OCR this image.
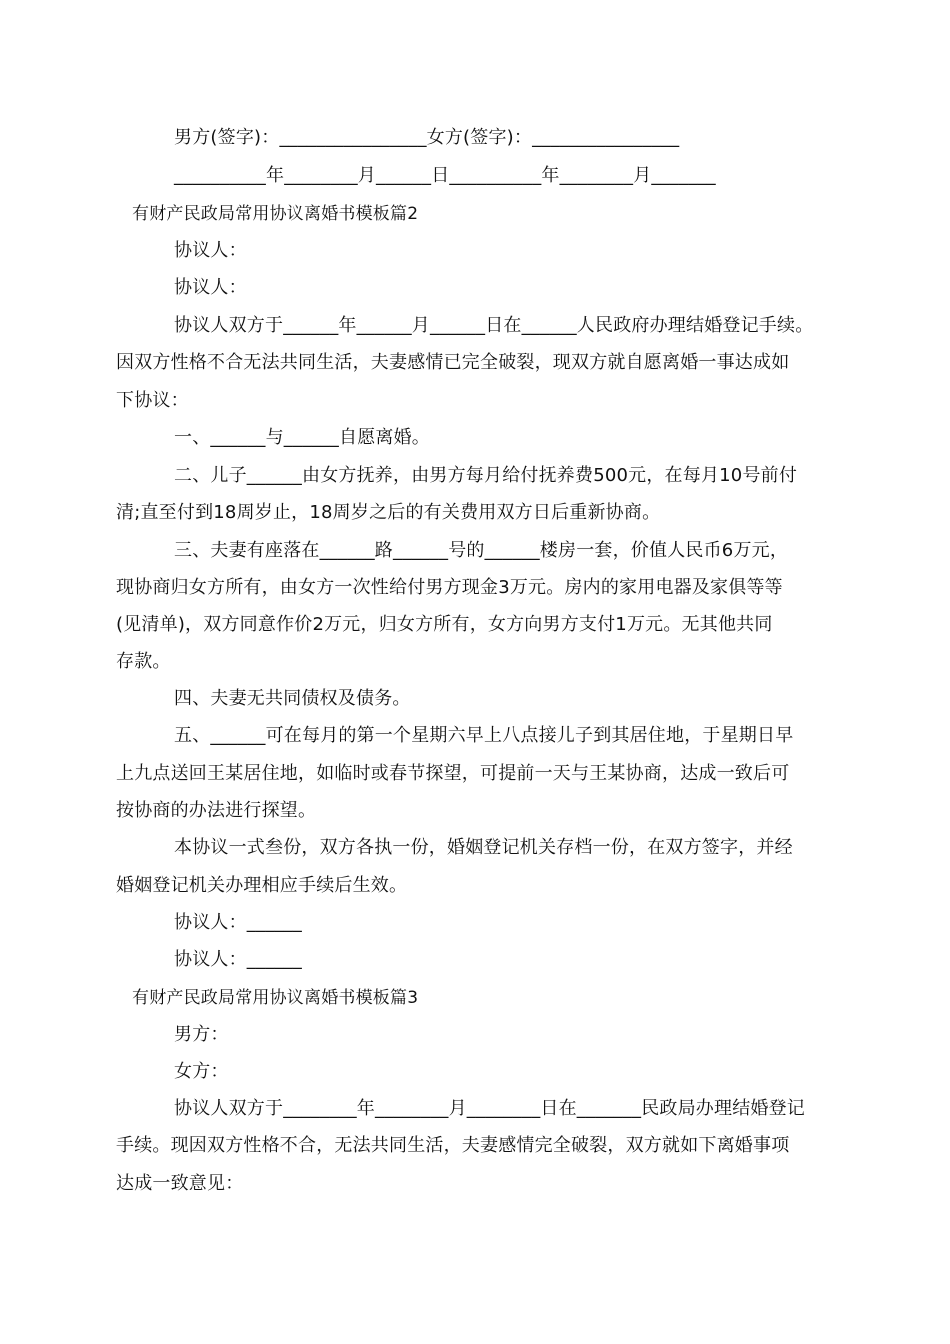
男方(签字)：________________女方(签字)：________________
__________年________月______日__________年________月_______
有财产民政局常用协议离婚书模板篇2
协议人：
协议人：
协议人双方于______年______月______日在______人民政府办理结婚登记手续。
因双方性格不合无法共同生活，夫妻感情已完全破裂，现双方就自愿离婚一事达成如
下协议：
一、______与______自愿离婚。
二、儿子______由女方抚养，由男方每月给付抚养费500元，在每月10号前付
清;直至付到18周岁止，18周岁之后的有关费用双方日后重新协商。
三、夫妻有座落在______路______号的______楼房一套，价值人民币6万元，
现协商归女方所有，由女方一次性给付男方现金3万元。房内的家用电器及家俱等等
(见清单)，双方同意作价2万元，归女方所有，女方向男方支付1万元。无其他共同
存款。
四、夫妻无共同债权及债务。
五、______可在每月的第一个星期六早上八点接儿子到其居住地，于星期日早
上九点送回王某居住地，如临时或春节探望，可提前一天与王某协商，达成一致后可
按协商的办法进行探望。
本协议一式叁份，双方各执一份，婚姻登记机关存档一份，在双方签字，并经
婚姻登记机关办理相应手续后生效。
协议人：______
协议人：______
有财产民政局常用协议离婚书模板篇3
男方：
女方：
协议人双方于________年________月________日在_______民政局办理结婚登记
手续。现因双方性格不合，无法共同生活，夫妻感情完全破裂，双方就如下离婚事项
达成一致意见：
